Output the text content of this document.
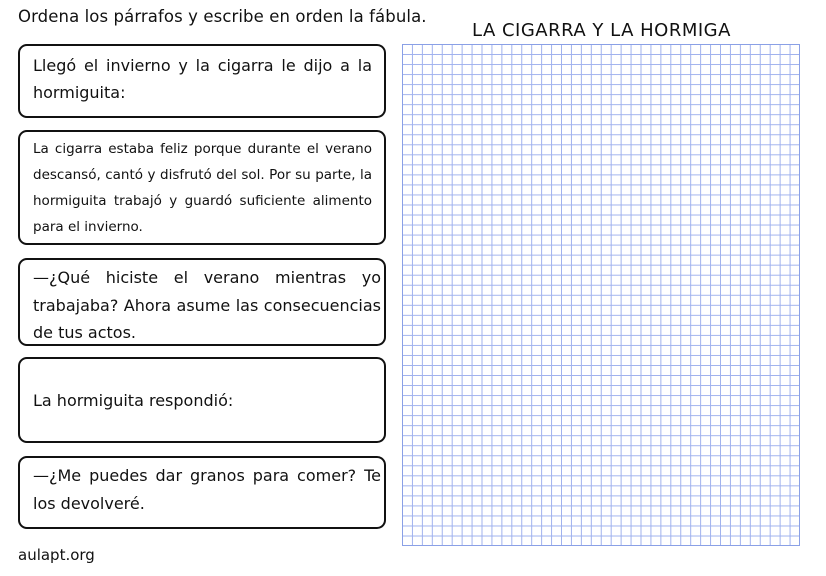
Ordena los párrafos y escribe en orden la fábula.
LA CIGARRA Y LA HORMIGA

Llegó el invierno y la cigarra le dijo a la hormiguita:

La cigarra estaba feliz porque durante el verano descansó, cantó y disfrutó del sol. Por su parte, la hormiguita trabajó y guardó suficiente alimento para el invierno.

—¿Qué hiciste el verano mientras yo trabajaba? Ahora asume las consecuencias de tus actos.

La hormiguita respondió:

—¿Me puedes dar granos para comer? Te los devolveré.

aulapt.org
